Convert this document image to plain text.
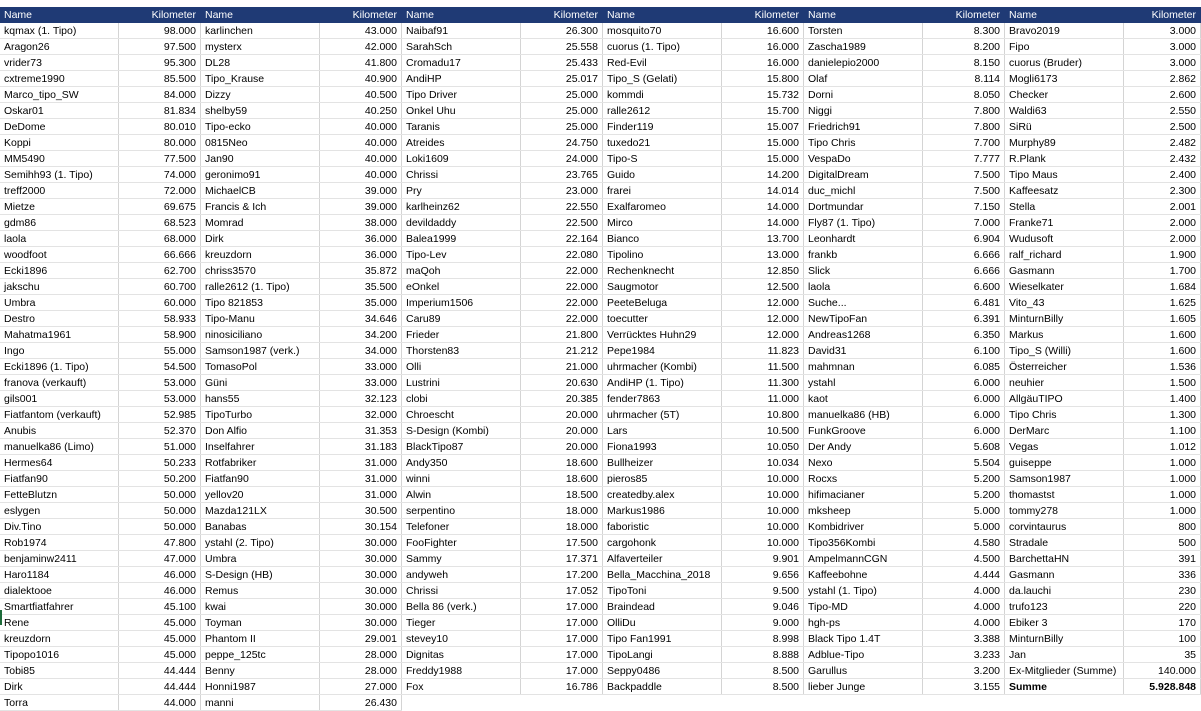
Name	Kilometer
kqmax (1. Tipo)	98.000
Aragon26	97.500
vrider73	95.300
cxtreme1990	85.500
Marco_tipo_SW	84.000
Oskar01	81.834
DeDome	80.010
Koppi	80.000
MM5490	77.500
Semihh93 (1. Tipo)	74.000
treff2000	72.000
Mietze	69.675
gdm86	68.523
laola	68.000
woodfoot	66.666
Ecki1896	62.700
jakschu	60.700
Umbra	60.000
Destro	58.933
Mahatma1961	58.900
Ingo	55.000
Ecki1896 (1. Tipo)	54.500
franova (verkauft)	53.000
gils001	53.000
Fiatfantom (verkauft)	52.985
Anubis	52.370
manuelka86 (Limo)	51.000
Hermes64	50.233
Fiatfan90	50.200
FetteBlutzn	50.000
eslygen	50.000
Div.Tino	50.000
Rob1974	47.800
benjaminw2411	47.000
Haro1184	46.000
dialektooe	46.000
Smartfiatfahrer	45.100
Rene	45.000
kreuzdorn	45.000
Tipopo1016	45.000
Tobi85	44.444
Dirk	44.444
Torra	44.000
Name	Kilometer
karlinchen	43.000
mysterx	42.000
DL28	41.800
Tipo_Krause	40.900
Dizzy	40.500
shelby59	40.250
Tipo-ecko	40.000
0815Neo	40.000
Jan90	40.000
geronimo91	40.000
MichaelCB	39.000
Francis & Ich	39.000
Momrad	38.000
Dirk	36.000
kreuzdorn	36.000
chriss3570	35.872
ralle2612 (1. Tipo)	35.500
Tipo 821853	35.000
Tipo-Manu	34.646
ninosiciliano	34.200
Samson1987 (verk.)	34.000
TomasoPol	33.000
Güni	33.000
hans55	32.123
TipoTurbo	32.000
Don Alfio	31.353
Inselfahrer	31.183
Rotfabriker	31.000
Fiatfan90	31.000
yellov20	31.000
Mazda121LX	30.500
Banabas	30.154
ystahl (2. Tipo)	30.000
Umbra	30.000
S-Design (HB)	30.000
Remus	30.000
kwai	30.000
Toyman	30.000
Phantom II	29.001
peppe_125tc	28.000
Benny	28.000
Honni1987	27.000
manni	26.430
Name	Kilometer
Naibaf91	26.300
SarahSch	25.558
Cromadu17	25.433
AndiHP	25.017
Tipo Driver	25.000
Onkel Uhu	25.000
Taranis	25.000
Atreides	24.750
Loki1609	24.000
Chrissi	23.765
Pry	23.000
karlheinz62	22.550
devildaddy	22.500
Balea1999	22.164
Tipo-Lev	22.080
maQoh	22.000
eOnkel	22.000
Imperium1506	22.000
Caru89	22.000
Frieder	21.800
Thorsten83	21.212
Olli	21.000
Lustrini	20.630
clobi	20.385
Chroescht	20.000
S-Design (Kombi)	20.000
BlackTipo87	20.000
Andy350	18.600
winni	18.600
Alwin	18.500
serpentino	18.000
Telefoner	18.000
FooFighter	17.500
Sammy	17.371
andyweh	17.200
Chrissi	17.052
Bella 86 (verk.)	17.000
Tieger	17.000
stevey10	17.000
Dignitas	17.000
Freddy1988	17.000
Fox	16.786
Name	Kilometer
mosquito70	16.600
cuorus (1. Tipo)	16.000
Red-Evil	16.000
Tipo_S (Gelati)	15.800
kommdi	15.732
ralle2612	15.700
Finder119	15.007
tuxedo21	15.000
Tipo-S	15.000
Guido	14.200
frarei	14.014
Exalfaromeo	14.000
Mirco	14.000
Bianco	13.700
Tipolino	13.000
Rechenknecht	12.850
Saugmotor	12.500
PeeteBeluga	12.000
toecutter	12.000
Verrücktes Huhn29	12.000
Pepe1984	11.823
uhrmacher (Kombi)	11.500
AndiHP (1. Tipo)	11.300
fender7863	11.000
uhrmacher (5T)	10.800
Lars	10.500
Fiona1993	10.050
Bullheizer	10.034
pieros85	10.000
createdby.alex	10.000
Markus1986	10.000
faboristic	10.000
cargohonk	10.000
Alfaverteiler	9.901
Bella_Macchina_2018	9.656
TipoToni	9.500
Braindead	9.046
OlliDu	9.000
Tipo Fan1991	8.998
TipoLangi	8.888
Seppy0486	8.500
Backpaddle	8.500
Name	Kilometer
Torsten	8.300
Zascha1989	8.200
danielepio2000	8.150
Olaf	8.114
Dorni	8.050
Niggi	7.800
Friedrich91	7.800
Tipo Chris	7.700
VespaDo	7.777
DigitalDream	7.500
duc_michl	7.500
Dortmundar	7.150
Fly87 (1. Tipo)	7.000
Leonhardt	6.904
frankb	6.666
Slick	6.666
laola	6.600
Suche...	6.481
NewTipoFan	6.391
Andreas1268	6.350
David31	6.100
mahmnan	6.085
ystahl	6.000
kaot	6.000
manuelka86 (HB)	6.000
FunkGroove	6.000
Der Andy	5.608
Nexo	5.504
Rocxs	5.200
hifimacianer	5.200
mksheep	5.000
Kombidriver	5.000
Tipo356Kombi	4.580
AmpelmannCGN	4.500
Kaffeebohne	4.444
ystahl (1. Tipo)	4.000
Tipo-MD	4.000
hgh-ps	4.000
Black Tipo 1.4T	3.388
Adblue-Tipo	3.233
Garullus	3.200
lieber Junge	3.155
Name	Kilometer
Bravo2019	3.000
Fipo	3.000
cuorus (Bruder)	3.000
Mogli6173	2.862
Checker	2.600
Waldi63	2.550
SiRü	2.500
Murphy89	2.482
R.Plank	2.432
Tipo Maus	2.400
Kaffeesatz	2.300
Stella	2.001
Franke71	2.000
Wudusoft	2.000
ralf_richard	1.900
Gasmann	1.700
Wieselkater	1.684
Vito_43	1.625
MinturnBilly	1.605
Markus	1.600
Tipo_S (Willi)	1.600
Österreicher	1.536
neuhier	1.500
AllgäuTIPO	1.400
Tipo Chris	1.300
DerMarc	1.100
Vegas	1.012
guiseppe	1.000
Samson1987	1.000
thomastst	1.000
tommy278	1.000
corvintaurus	800
Stradale	500
BarchettaHN	391
Gasmann	336
da.lauchi	230
trufo123	220
Ebiker 3	170
MinturnBilly	100
Jan	35
Ex-Mitglieder (Summe)	140.000
Summe	5.928.848
